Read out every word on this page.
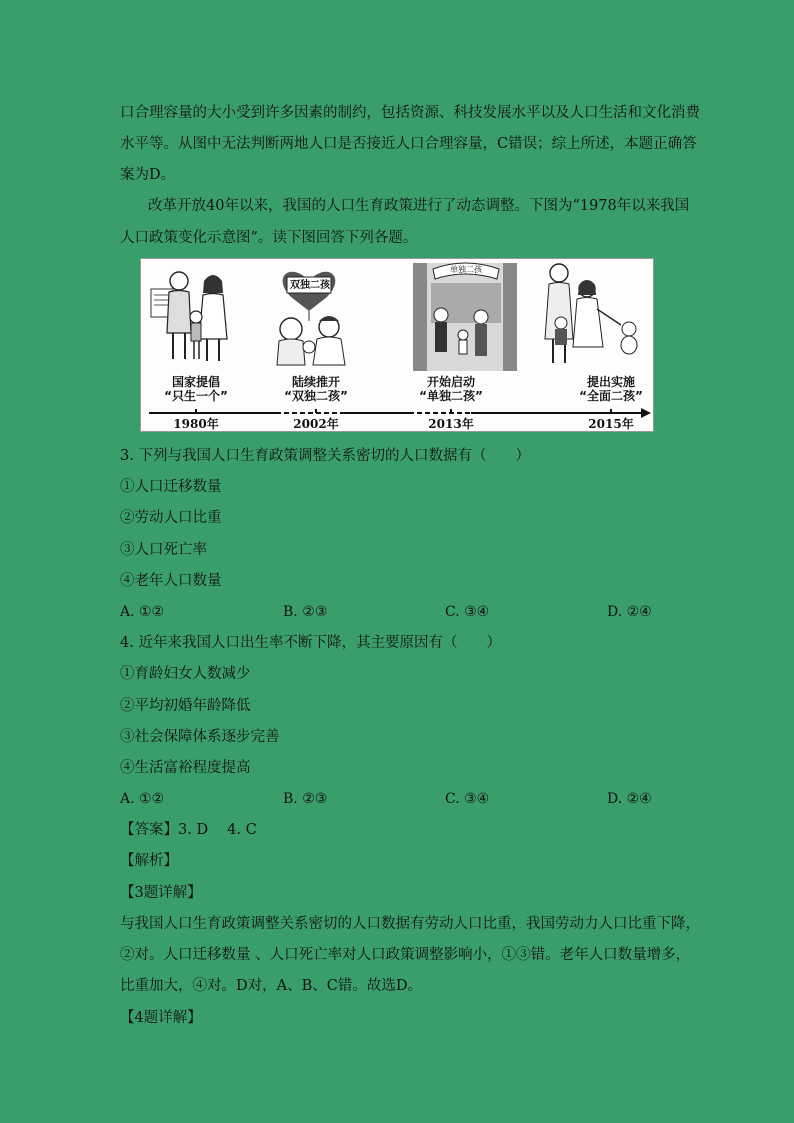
口合理容量的大小受到许多因素的制约，包括资源、科技发展水平以及人口生活和文化消费
水平等。从图中无法判断两地人口是否接近人口合理容量，C错误；综上所述，本题正确答
案为D。
改革开放40年以来，我国的人口生育政策进行了动态调整。下图为“1978年以来我国
人口政策变化示意图”。读下图回答下列各题。
双独二孩
单独二孩
国家提倡
“只生一个”
陆续推开
“双独二孩”
开始启动
“单独二孩”
提出实施
“全面二孩”
1980年	2002年	2013年	2015年
3. 下列与我国人口生育政策调整关系密切的人口数据有（　　）
①人口迁移数量
②劳动人口比重
③人口死亡率
④老年人口数量
A. ①②	B. ②③	C. ③④	D. ②④
4. 近年来我国人口出生率不断下降，其主要原因有（　　）
①育龄妇女人数减少
②平均初婚年龄降低
③社会保障体系逐步完善
④生活富裕程度提高
A. ①②	B. ②③	C. ③④	D. ②④
【答案】3. D　 4. C
【解析】
【3题详解】
与我国人口生育政策调整关系密切的人口数据有劳动人口比重，我国劳动力人口比重下降，
②对。人口迁移数量 、人口死亡率对人口政策调整影响小，①③错。老年人口数量增多，
比重加大，④对。D对，A、B、C错。故选D。
【4题详解】
